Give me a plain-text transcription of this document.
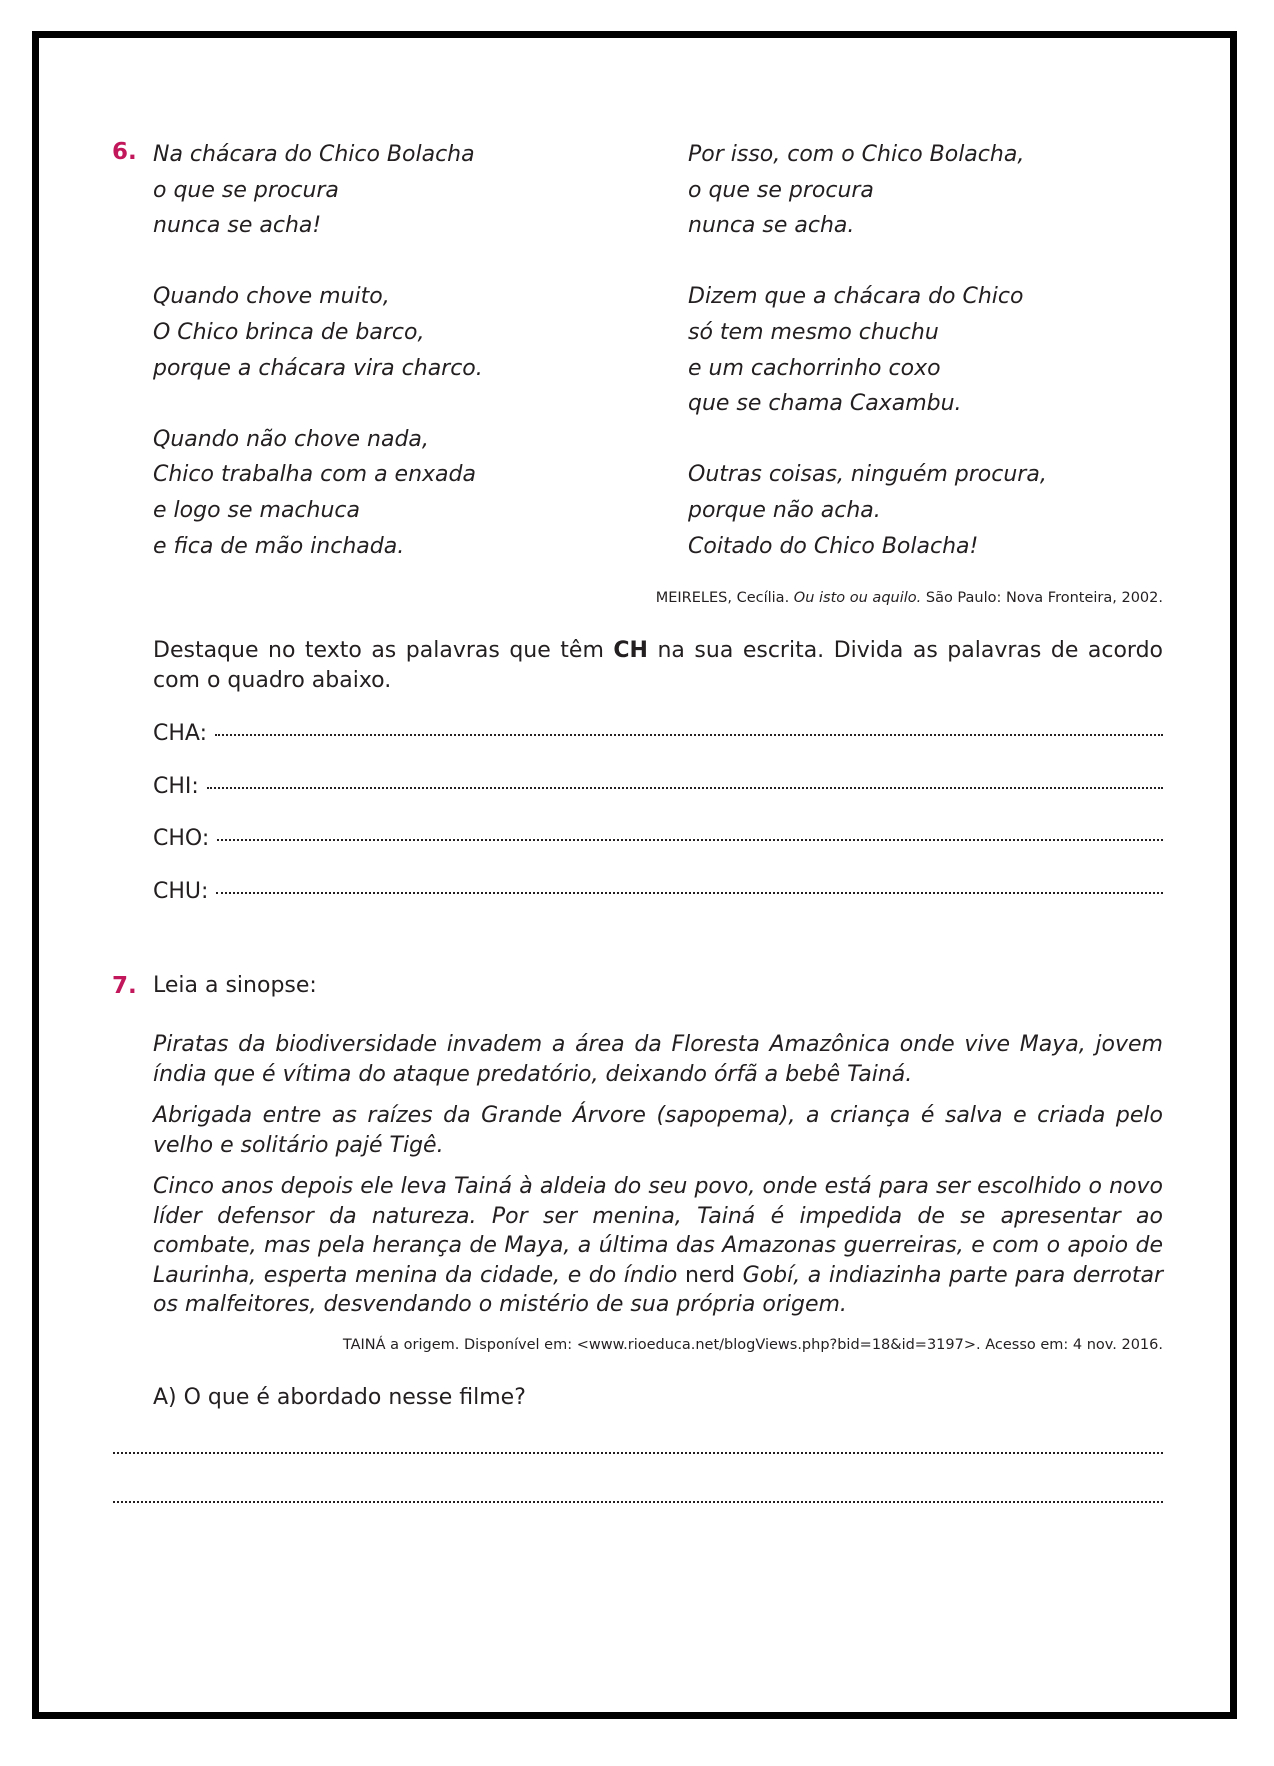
6. Na chácara do Chico Bolacha
o que se procura
nunca se acha!
Quando chove muito,
O Chico brinca de barco,
porque a chácara vira charco.
Quando não chove nada,
Chico trabalha com a enxada
e logo se machuca
e fica de mão inchada.
Por isso, com o Chico Bolacha,
o que se procura
nunca se acha.
Dizem que a chácara do Chico
só tem mesmo chuchu
e um cachorrinho coxo
que se chama Caxambu.
Outras coisas, ninguém procura,
porque não acha.
Coitado do Chico Bolacha!
MEIRELES, Cecília. Ou isto ou aquilo. São Paulo: Nova Fronteira, 2002.
Destaque no texto as palavras que têm CH na sua escrita. Divida as palavras de acordo com o quadro abaixo.
CHA:
CHI:
CHO:
CHU:
7. Leia a sinopse:

Piratas da biodiversidade invadem a área da Floresta Amazônica onde vive Maya, jovem índia que é vítima do ataque predatório, deixando órfã a bebê Tainá.

Abrigada entre as raízes da Grande Árvore (sapopema), a criança é salva e criada pelo velho e solitário pajé Tigê.

Cinco anos depois ele leva Tainá à aldeia do seu povo, onde está para ser escolhido o novo líder defensor da natureza. Por ser menina, Tainá é impedida de se apresentar ao combate, mas pela herança de Maya, a última das Amazonas guerreiras, e com o apoio de Laurinha, esperta menina da cidade, e do índio nerd Gobí, a indiazinha parte para derrotar os malfeitores, desvendando o mistério de sua própria origem.

TAINÁ a origem. Disponível em: <www.rioeduca.net/blogViews.php?bid=18&id=3197>. Acesso em: 4 nov. 2016.
A) O que é abordado nesse filme?
